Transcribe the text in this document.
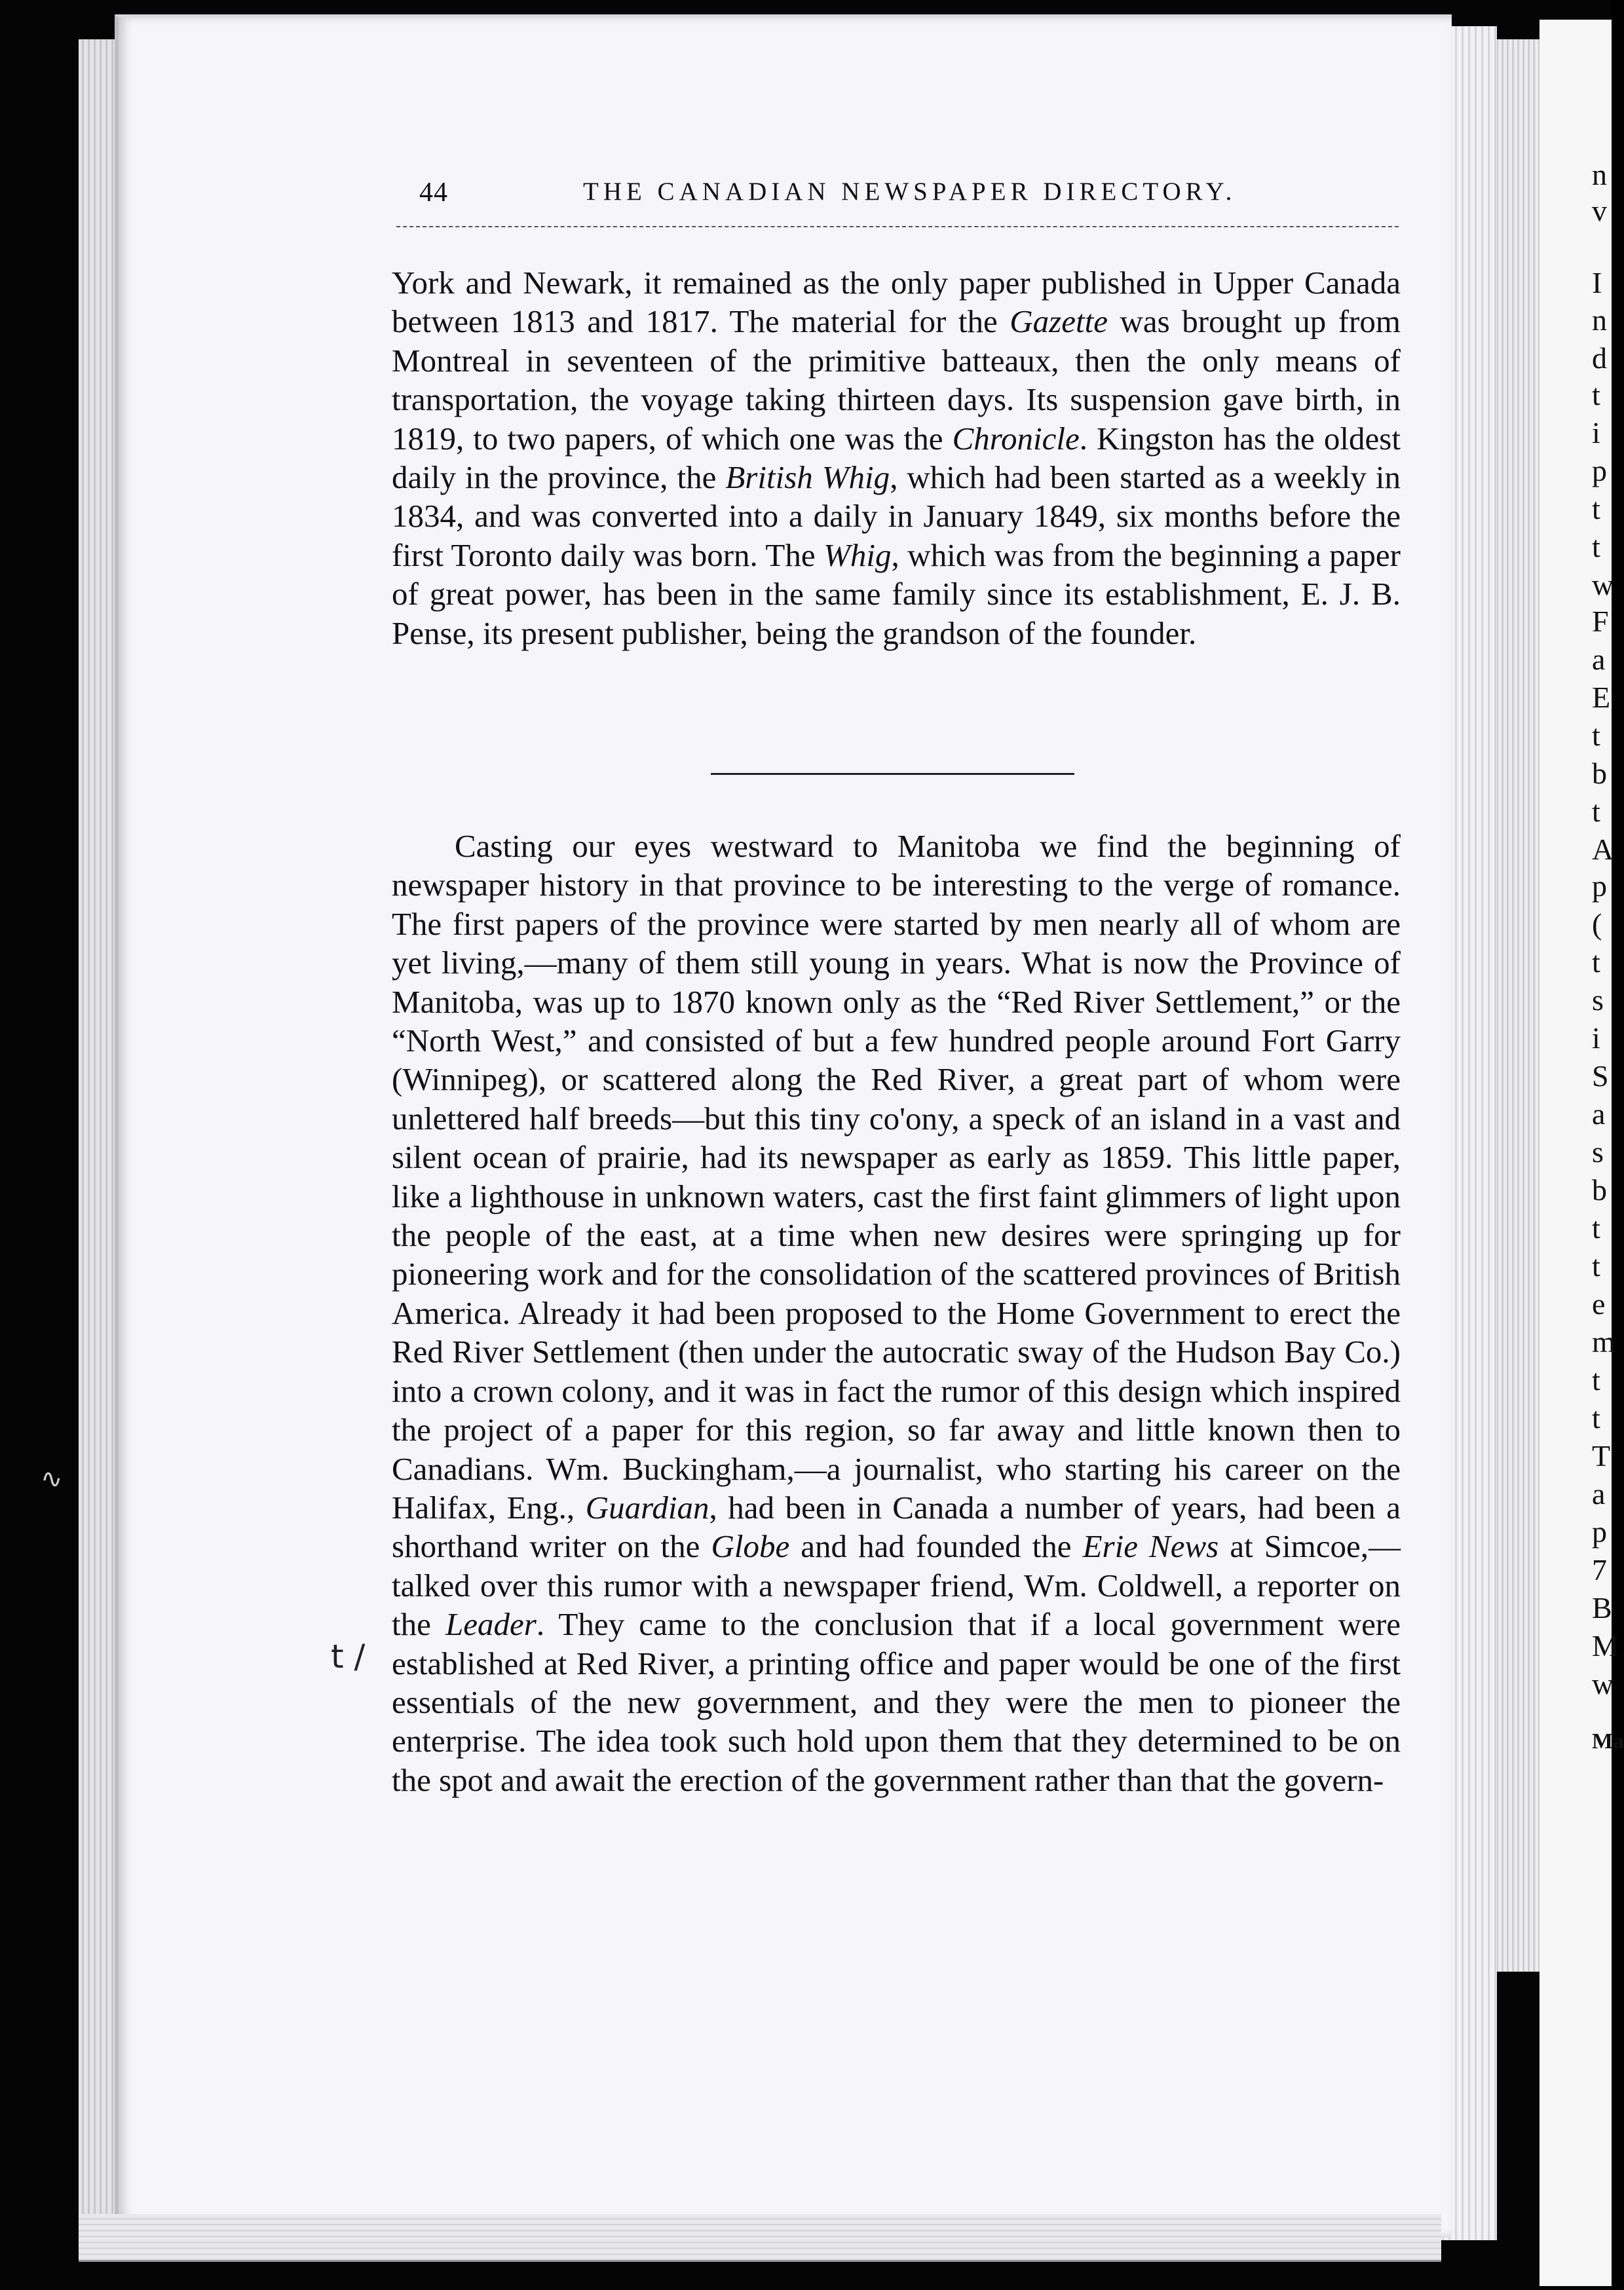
n
v
I
n
d
t
i
p
t
t
w
F
a
E
t
b
t
A
p
(
t
s
i
S
a
s
b
t
t
e
m
t
t
T
a
p
7
B
M
w
Ma
∿
44	THE CANADIAN NEWSPAPER DIRECTORY.

York and Newark, it remained as the only paper published in Upper Canada between 1813 and 1817. The material for the Gazette was brought up from Montreal in seventeen of the primitive batteaux, then the only means of transportation, the voyage taking thirteen days. Its suspension gave birth, in 1819, to two papers, of which one was the Chronicle. Kingston has the oldest daily in the province, the British Whig, which had been started as a weekly in 1834, and was converted into a daily in January 1849, six months before the first Toronto daily was born. The Whig, which was from the beginning a paper of great power, has been in the same family since its establishment, E. J. B. Pense, its present publisher, being the grandson of the founder.

Casting our eyes westward to Manitoba we find the beginning of newspaper history in that province to be interesting to the verge of romance. The first papers of the province were started by men nearly all of whom are yet living,—many of them still young in years. What is now the Province of Manitoba, was up to 1870 known only as the “Red River Settlement,” or the “North West,” and consisted of but a few hundred people around Fort Garry (Winnipeg), or scattered along the Red River, a great part of whom were unlettered half breeds—but this tiny co'ony, a speck of an island in a vast and silent ocean of prairie, had its newspaper as early as 1859. This little paper, like a lighthouse in unknown waters, cast the first faint glimmers of light upon the people of the east, at a time when new desires were springing up for pioneering work and for the consolidation of the scattered provinces of British America. Already it had been proposed to the Home Government to erect the Red River Settlement (then under the autocratic sway of the Hudson Bay Co.) into a crown colony, and it was in fact the rumor of this design which inspired the project of a paper for this region, so far away and little known then to Canadians. Wm. Buckingham,—a journalist, who starting his career on the Halifax, Eng., Guardian, had been in Canada a number of years, had been a shorthand writer on the Globe and had founded the Erie News at Simcoe,—talked over this rumor with a newspaper friend, Wm. Coldwell, a reporter on the Leader. They came to the conclusion that if a local government were established at Red River, a printing office and paper would be one of the first essentials of the new government, and they were the men to pioneer the enterprise. The idea took such hold upon them that they determined to be on the spot and await the erection of the government rather than that the govern-

t /
